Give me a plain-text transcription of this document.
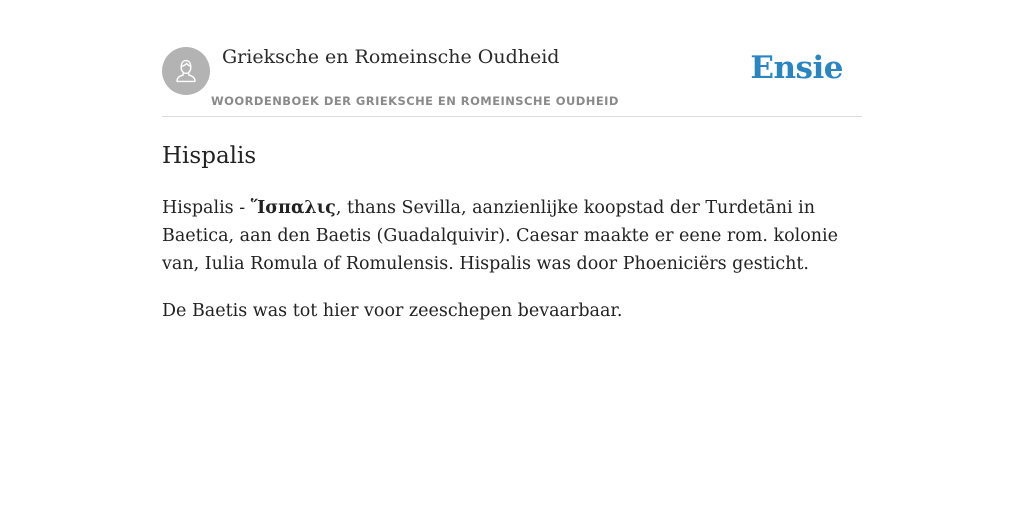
Grieksche en Romeinsche Oudheid
WOORDENBOEK DER GRIEKSCHE EN ROMEINSCHE OUDHEID
Ensie
Hispalis

Hispalis - Ἵσπαλις, thans Sevilla, aanzienlijke koopstad der Turdetāni in Baetica, aan den Baetis (Guadalquivir). Caesar maakte er eene rom. kolonie van, Iulia Romula of Romulensis. Hispalis was door Phoeniciërs gesticht.

De Baetis was tot hier voor zeeschepen bevaarbaar.
